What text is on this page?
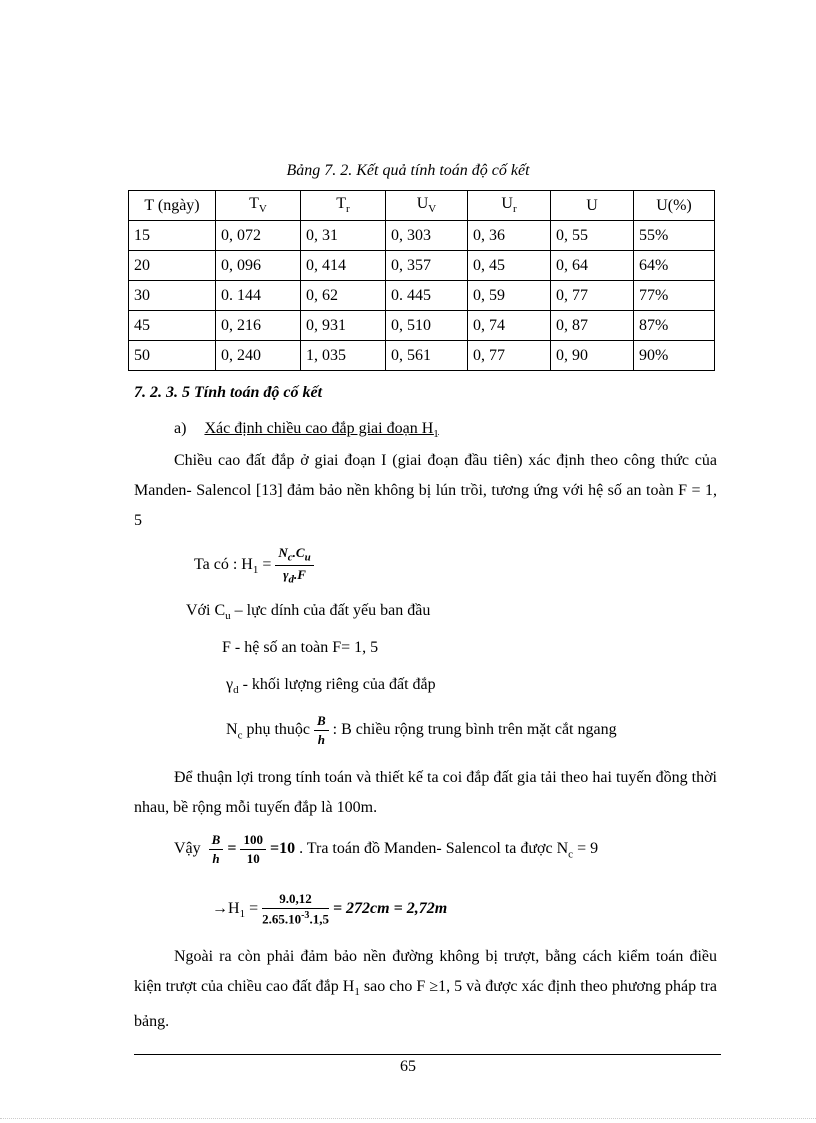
Bảng 7. 2. Kết quả tính toán độ cố kết
T (ngày)	$T_V$	$T_r$	$U_V$	$U_r$	U	U(%)
15	0, 072	0, 31	0, 303	0, 36	0, 55	55%
20	0, 096	0, 414	0, 357	0, 45	0, 64	64%
30	0. 144	0, 62	0. 445	0, 59	0, 77	77%
45	0, 216	0, 931	0, 510	0, 74	0, 87	87%
50	0, 240	1, 035	0, 561	0, 77	0, 90	90%
7. 2. 3. 5 Tính toán độ cố kết
a) Xác định chiều cao đắp giai đoạn $H_1$
Chiều cao đất đắp ở giai đoạn I (giai đoạn đầu tiên) xác định theo công thức của Manden- Salencol [13] đảm bảo nền không bị lún trồi, tương ứng với hệ số an toàn F = 1, 5
Ta có : $H_1 = \frac{N_c.C_u}{\gamma_d.F}$
Với $C_u$ – lực dính của đất yếu ban đầu
F - hệ số an toàn F= 1, 5
$\gamma_d$ - khối lượng riêng của đất đắp
$N_c$ phụ thuộc $\frac{B}{h}$ : B chiều rộng trung bình trên mặt cắt ngang
Để thuận lợi trong tính toán và thiết kế ta coi đắp đất gia tải theo hai tuyến đồng thời nhau, bề rộng mỗi tuyến đắp là 100m.
Vậy $\frac{B}{h} = \frac{100}{10} =10$ . Tra toán đồ Manden- Salencol ta được $N_c = 9$
$\to H_1 = \frac{9.0,12}{2.65.10^{-3}.1,5} = 272cm = 2,72m$
Ngoài ra còn phải đảm bảo nền đường không bị trượt, bằng cách kiểm toán điều kiện trượt của chiều cao đất đắp $H_1$ sao cho F ≥1, 5 và được xác định theo phương pháp tra bảng.
65
